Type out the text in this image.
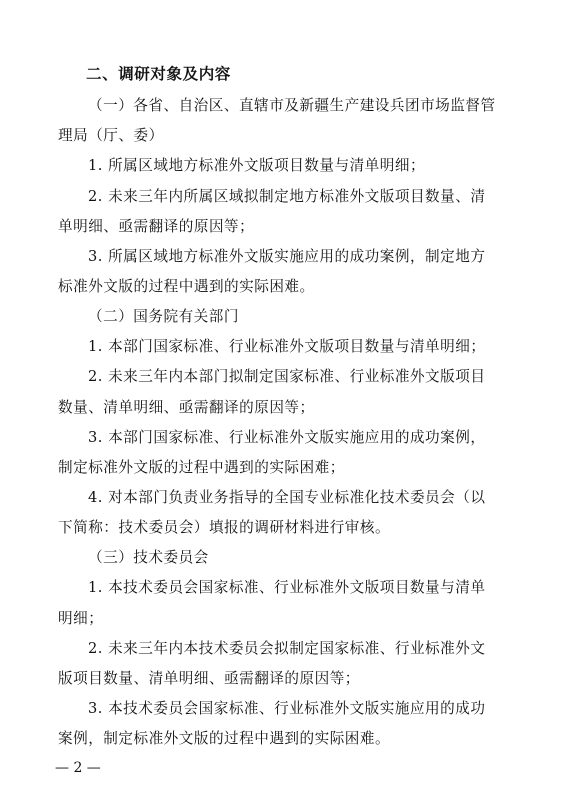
二、调研对象及内容
（一）各省、自治区、直辖市及新疆生产建设兵团市场监督管
理局（厅、委）
1. 所属区域地方标准外文版项目数量与清单明细；
2. 未来三年内所属区域拟制定地方标准外文版项目数量、清
单明细、亟需翻译的原因等；
3. 所属区域地方标准外文版实施应用的成功案例，制定地方
标准外文版的过程中遇到的实际困难。
（二）国务院有关部门
1. 本部门国家标准、行业标准外文版项目数量与清单明细；
2. 未来三年内本部门拟制定国家标准、行业标准外文版项目
数量、清单明细、亟需翻译的原因等；
3. 本部门国家标准、行业标准外文版实施应用的成功案例，
制定标准外文版的过程中遇到的实际困难；
4. 对本部门负责业务指导的全国专业标准化技术委员会（以
下简称：技术委员会）填报的调研材料进行审核。
（三）技术委员会
1. 本技术委员会国家标准、行业标准外文版项目数量与清单
明细；
2. 未来三年内本技术委员会拟制定国家标准、行业标准外文
版项目数量、清单明细、亟需翻译的原因等；
3. 本技术委员会国家标准、行业标准外文版实施应用的成功
案例，制定标准外文版的过程中遇到的实际困难。
— 2 —
